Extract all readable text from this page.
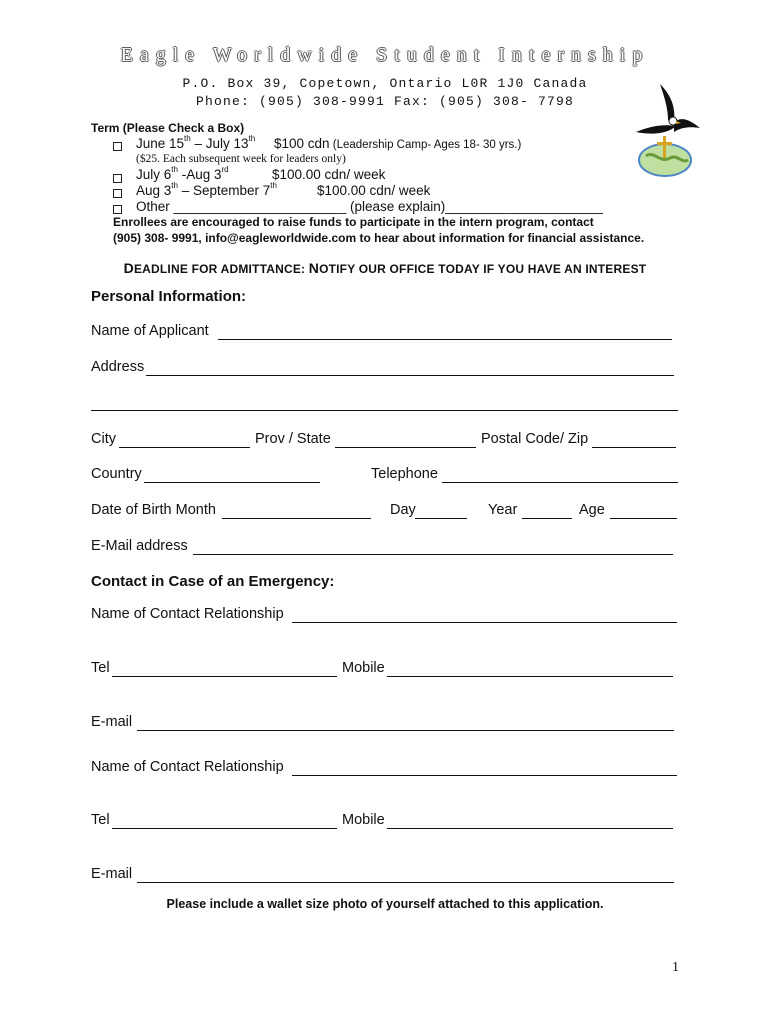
Eagle Worldwide Student Internship
P.O. Box 39, Copetown, Ontario L0R 1J0 Canada
Phone: (905) 308-9991 Fax: (905) 308- 7798
Term (Please Check a Box)
June 15th – July 13th $100 cdn (Leadership Camp- Ages 18- 30 yrs.)
($25. Each subsequent week for leaders only)
July 6th -Aug 3rd	$100.00 cdn/ week
Aug 3th – September 7th	$100.00 cdn/ week
Other _______________________ (please explain)_____________________
Enrollees are encouraged to raise funds to participate in the intern program, contact
(905) 308- 9991, info@eagleworldwide.com to hear about information for financial assistance.
DEADLINE FOR ADMITTANCE: NOTIFY OUR OFFICE TODAY IF YOU HAVE AN INTEREST
Personal Information:
Name of Applicant
Address
City	Prov / State	Postal Code/ Zip
Country	Telephone
Date of Birth Month	Day	Year	Age
E-Mail address
Contact in Case of an Emergency:
Name of Contact Relationship
Tel	Mobile
E-mail
Name of Contact Relationship
Tel	Mobile
E-mail
Please include a wallet size photo of yourself attached to this application.
1
